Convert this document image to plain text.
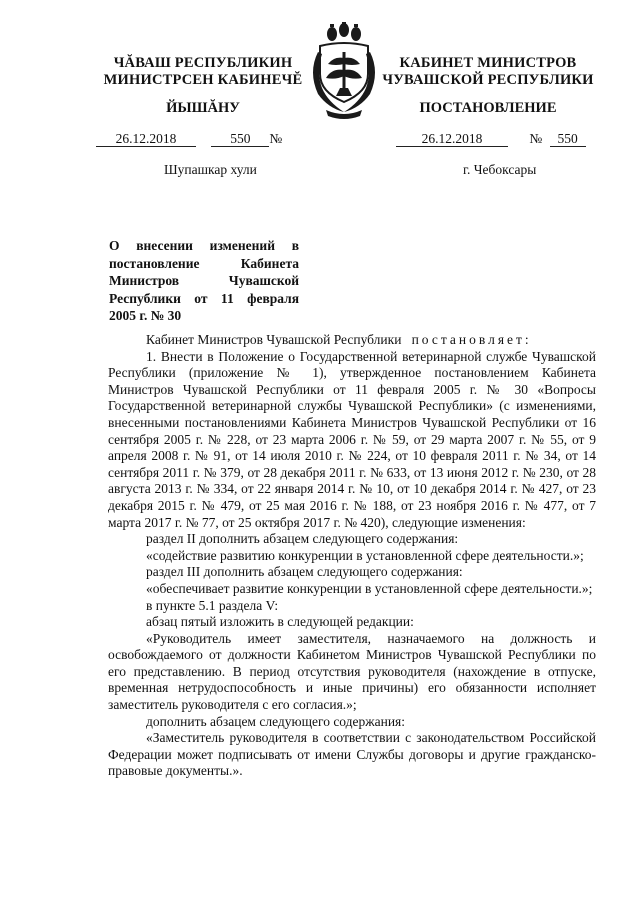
ЧĂВАШ РЕСПУБЛИКИН
МИНИСТРСЕН КАБИНЕЧĔ
ЙЫШĂНУ
КАБИНЕТ МИНИСТРОВ
ЧУВАШСКОЙ РЕСПУБЛИКИ
ПОСТАНОВЛЕНИЕ
26.12.2018	550 №	26.12.2018	№ 550
Шупашкар хули	г. Чебоксары
О внесении изменений в постановление Кабинета Министров Чувашской Республики от 11 февраля 2005 г. № 30

Кабинет Министров Чувашской Республики постановляет:

1. Внести в Положение о Государственной ветеринарной службе Чувашской Республики (приложение № 1), утвержденное постановлением Кабинета Министров Чувашской Республики от 11 февраля 2005 г. № 30 «Вопросы Государственной ветеринарной службы Чувашской Республики» (с изменениями, внесенными постановлениями Кабинета Министров Чувашской Республики от 16 сентября 2005 г. № 228, от 23 марта 2006 г. № 59, от 29 марта 2007 г. № 55, от 9 апреля 2008 г. № 91, от 14 июля 2010 г. № 224, от 10 февраля 2011 г. № 34, от 14 сентября 2011 г. № 379, от 28 декабря 2011 г. № 633, от 13 июня 2012 г. № 230, от 28 августа 2013 г. № 334, от 22 января 2014 г. № 10, от 10 декабря 2014 г. № 427, от 23 декабря 2015 г. № 479, от 25 мая 2016 г. № 188, от 23 ноября 2016 г. № 477, от 7 марта 2017 г. № 77, от 25 октября 2017 г. № 420), следующие изменения:

раздел II дополнить абзацем следующего содержания:

«содействие развитию конкуренции в установленной сфере деятельности.»;

раздел III дополнить абзацем следующего содержания:

«обеспечивает развитие конкуренции в установленной сфере деятельности.»;

в пункте 5.1 раздела V:

абзац пятый изложить в следующей редакции:

«Руководитель имеет заместителя, назначаемого на должность и освобождаемого от должности Кабинетом Министров Чувашской Республики по его представлению. В период отсутствия руководителя (нахождение в отпуске, временная нетрудоспособность и иные причины) его обязанности исполняет заместитель руководителя с его согласия.»;

дополнить абзацем следующего содержания:

«Заместитель руководителя в соответствии с законодательством Российской Федерации может подписывать от имени Службы договоры и другие гражданско-правовые документы.».
